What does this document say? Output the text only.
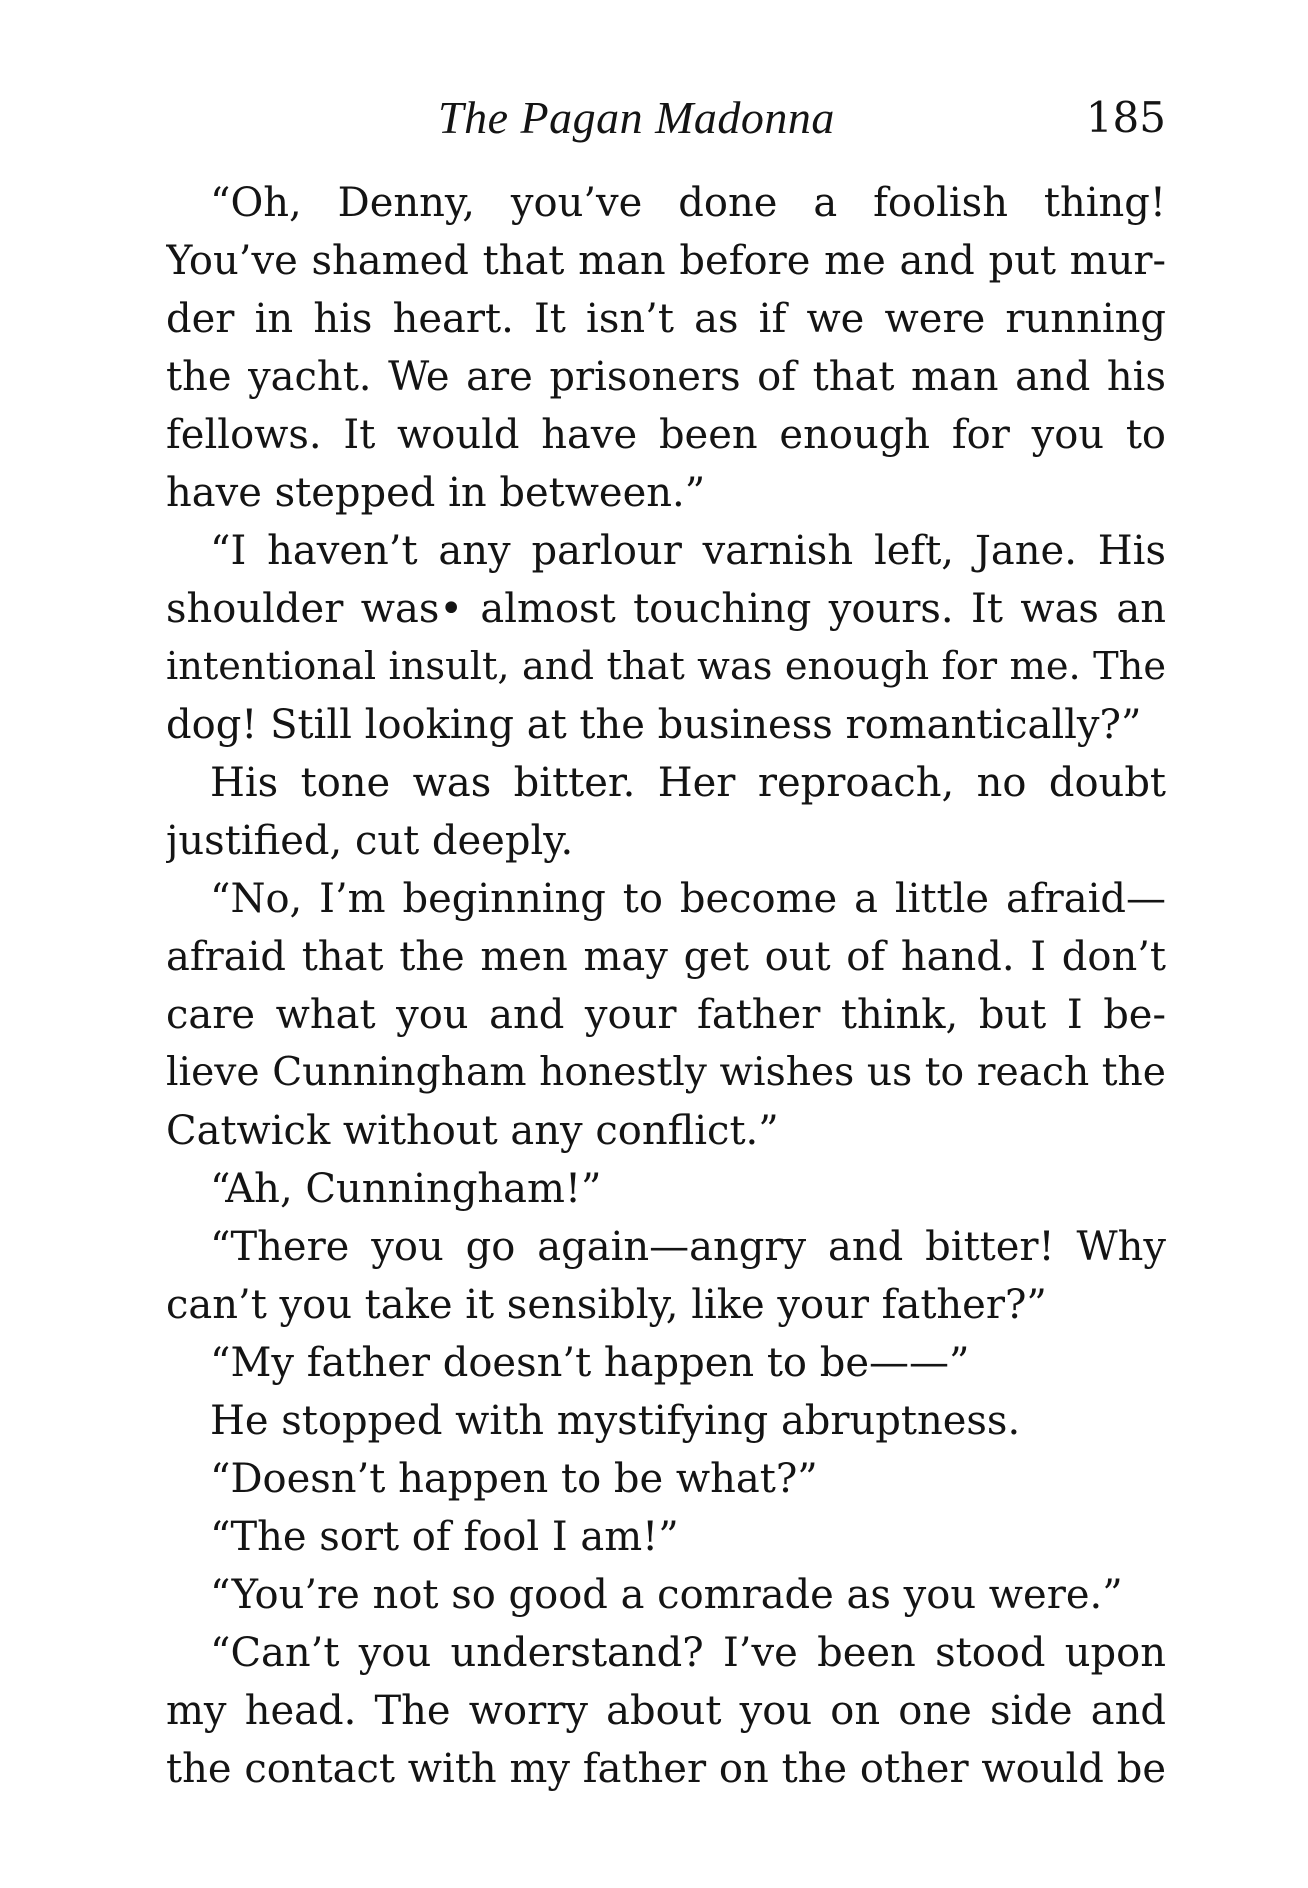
The Pagan Madonna	185
“Oh, Denny, you’ve done a foolish thing!
You’ve shamed that man before me and put mur-
der in his heart. It isn’t as if we were running
the yacht. We are prisoners of that man and his
fellows. It would have been enough for you to
have stepped in between.”
“I haven’t any parlour varnish left, Jane. His
shoulder was• almost touching yours. It was an
intentional insult, and that was enough for me. The
dog! Still looking at the business romantically?”
His tone was bitter. Her reproach, no doubt
justified, cut deeply.
“No, I’m beginning to become a little afraid—
afraid that the men may get out of hand. I don’t
care what you and your father think, but I be-
lieve Cunningham honestly wishes us to reach the
Catwick without any conflict.”
“Ah, Cunningham!”
“There you go again—angry and bitter! Why
can’t you take it sensibly, like your father?”
“My father doesn’t happen to be——”
He stopped with mystifying abruptness.
“Doesn’t happen to be what?”
“The sort of fool I am!”
“You’re not so good a comrade as you were.”
“Can’t you understand? I’ve been stood upon
my head. The worry about you on one side and
the contact with my father on the other would be
